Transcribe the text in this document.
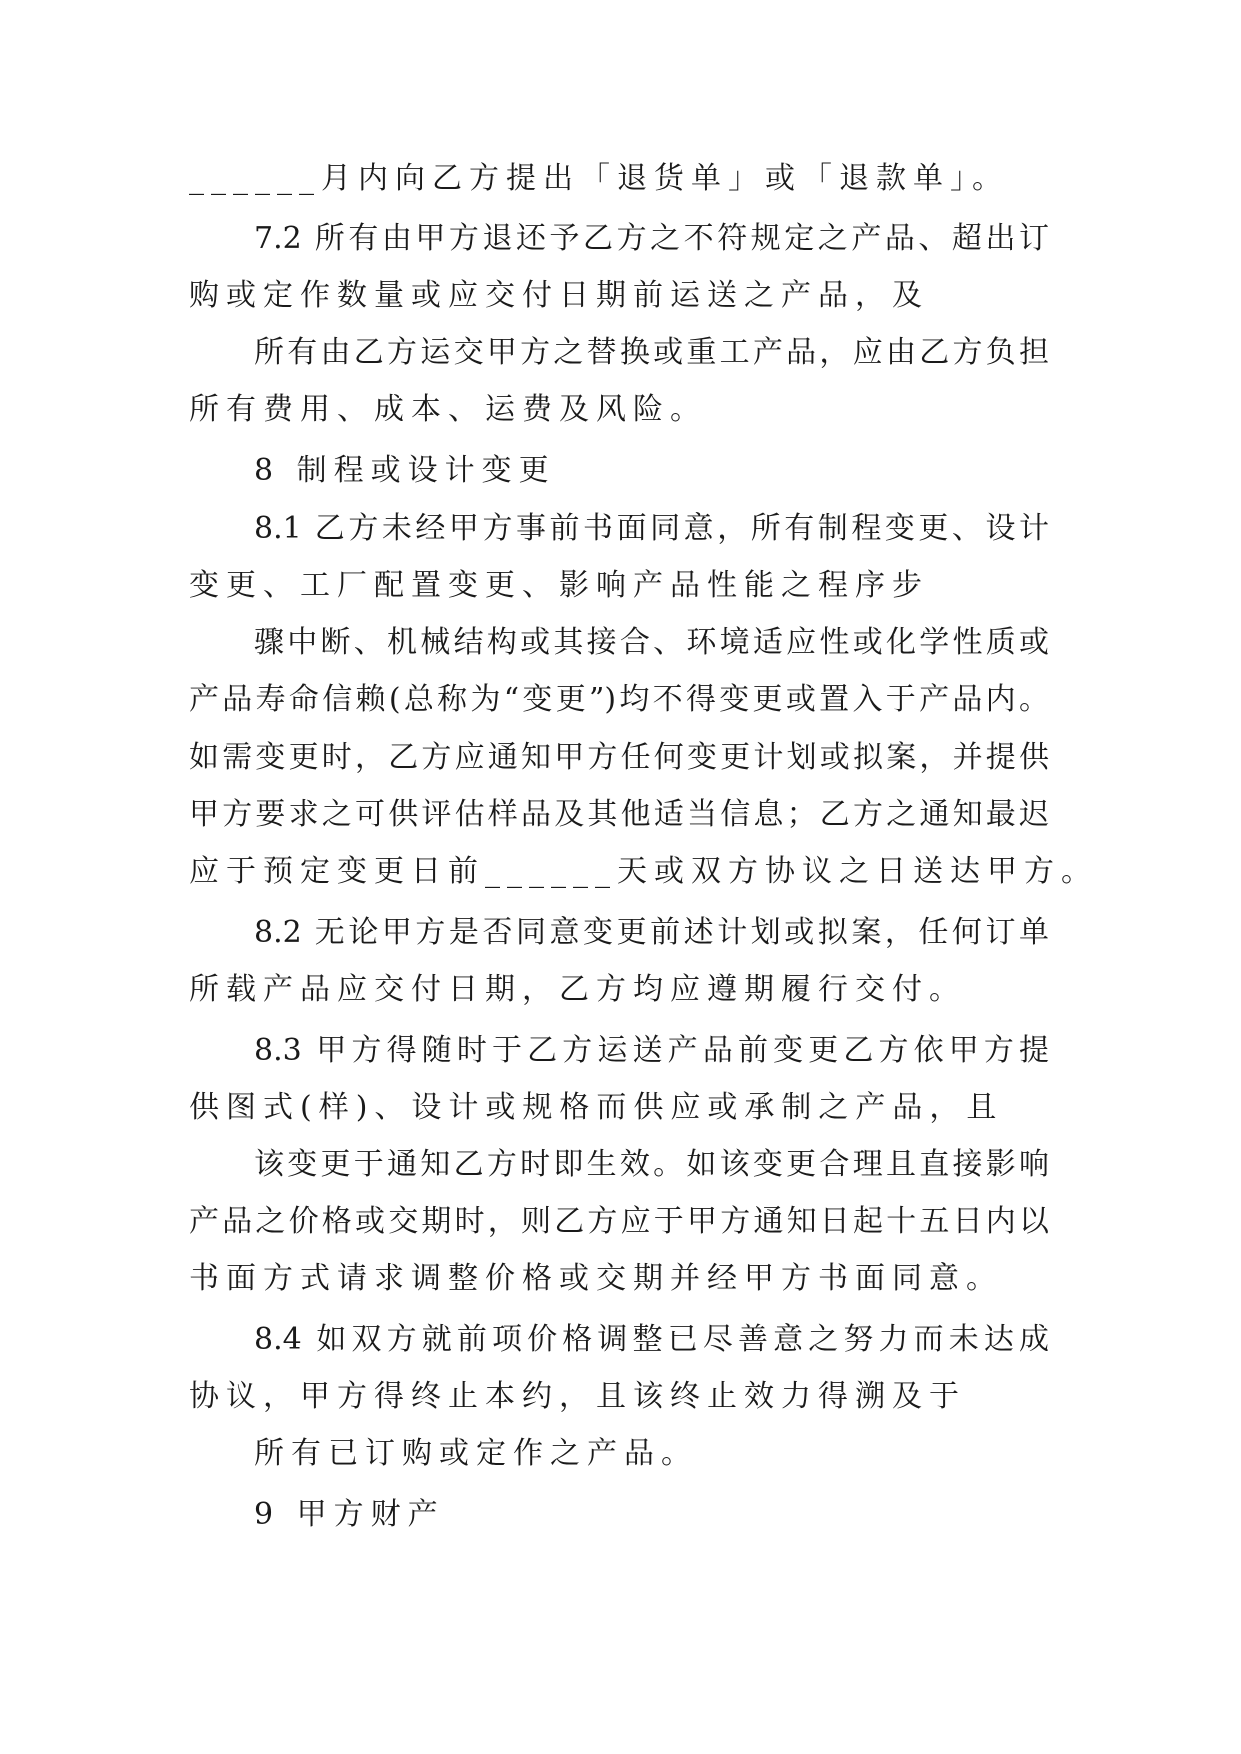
______月内向乙方提出「退货单」或「退款单」。
7.2 所有由甲方退还予乙方之不符规定之产品、超出订
购或定作数量或应交付日期前运送之产品，及
所有由乙方运交甲方之替换或重工产品，应由乙方负担
所有费用、成本、运费及风险。
8 制程或设计变更
8.1 乙方未经甲方事前书面同意，所有制程变更、设计
变更、工厂配置变更、影响产品性能之程序步
骤中断、机械结构或其接合、环境适应性或化学性质或
产品寿命信赖(总称为“变更”)均不得变更或置入于产品内。
如需变更时，乙方应通知甲方任何变更计划或拟案，并提供
甲方要求之可供评估样品及其他适当信息；乙方之通知最迟
应于预定变更日前______天或双方协议之日送达甲方。
8.2 无论甲方是否同意变更前述计划或拟案，任何订单
所载产品应交付日期，乙方均应遵期履行交付。
8.3 甲方得随时于乙方运送产品前变更乙方依甲方提
供图式(样)、设计或规格而供应或承制之产品，且
该变更于通知乙方时即生效。如该变更合理且直接影响
产品之价格或交期时，则乙方应于甲方通知日起十五日内以
书面方式请求调整价格或交期并经甲方书面同意。
8.4 如双方就前项价格调整已尽善意之努力而未达成
协议，甲方得终止本约，且该终止效力得溯及于
所有已订购或定作之产品。
9 甲方财产
